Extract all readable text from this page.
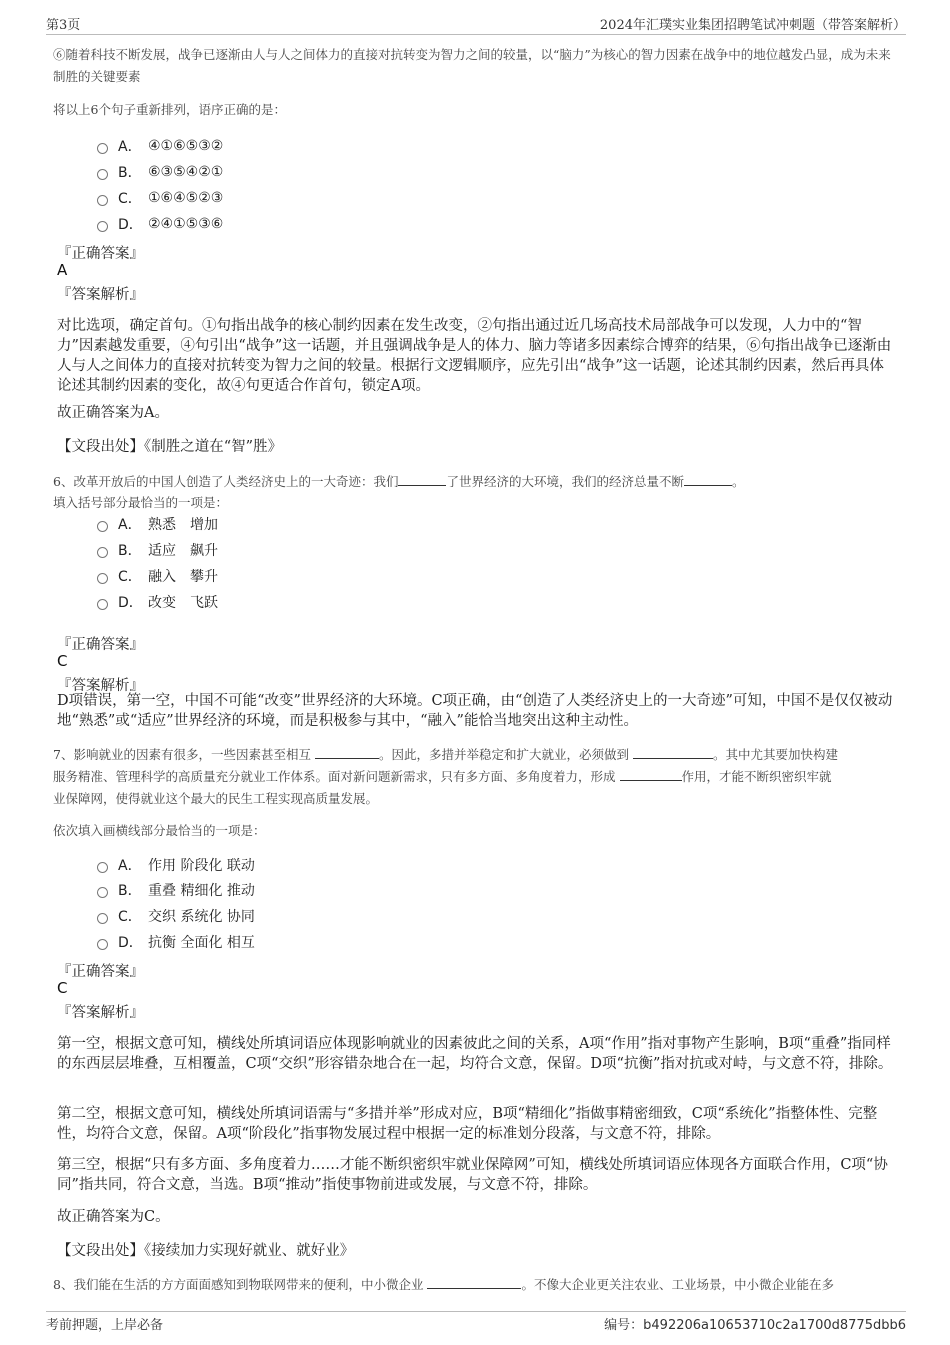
第3页	2024年汇璞实业集团招聘笔试冲刺题（带答案解析）
⑥随着科技不断发展，战争已逐渐由人与人之间体力的直接对抗转变为智力之间的较量，以“脑力”为核心的智力因素在战争中的地位越发凸显，成为未来制胜的关键要素
将以上6个句子重新排列，语序正确的是：
A． ④①⑥⑤③②
B． ⑥③⑤④②①
C． ①⑥④⑤②③
D． ②④①⑤③⑥
『正确答案』
A
『答案解析』
对比选项，确定首句。①句指出战争的核心制约因素在发生改变，②句指出通过近几场高技术局部战争可以发现，人力中的“智力”因素越发重要，④句引出“战争”这一话题，并且强调战争是人的体力、脑力等诸多因素综合博弈的结果，⑥句指出战争已逐渐由人与人之间体力的直接对抗转变为智力之间的较量。根据行文逻辑顺序，应先引出“战争”这一话题，论述其制约因素，然后再具体论述其制约因素的变化，故④句更适合作首句，锁定A项。
故正确答案为A。
【文段出处】《制胜之道在“智”胜》
6、改革开放后的中国人创造了人类经济史上的一大奇迹：我们	了世界经济的大环境，我们的经济总量不断	。
填入括号部分最恰当的一项是：
A． 熟悉　增加
B． 适应　飙升
C． 融入　攀升
D． 改变　飞跃
『正确答案』
C
『答案解析』
D项错误，第一空，中国不可能“改变”世界经济的大环境。C项正确，由“创造了人类经济史上的一大奇迹”可知，中国不是仅仅被动地“熟悉”或“适应”世界经济的环境，而是积极参与其中，“融入”能恰当地突出这种主动性。
7、影响就业的因素有很多，一些因素甚至相互	。因此，多措并举稳定和扩大就业，必须做到	。其中尤其要加快构建
服务精准、管理科学的高质量充分就业工作体系。面对新问题新需求，只有多方面、多角度着力，形成	作用，才能不断织密织牢就
业保障网，使得就业这个最大的民生工程实现高质量发展。
依次填入画横线部分最恰当的一项是：
A． 作用 阶段化 联动
B． 重叠 精细化 推动
C． 交织 系统化 协同
D． 抗衡 全面化 相互
『正确答案』
C
『答案解析』
第一空，根据文意可知，横线处所填词语应体现影响就业的因素彼此之间的关系，A项“作用”指对事物产生影响，B项“重叠”指同样的东西层层堆叠，互相覆盖，C项“交织”形容错杂地合在一起，均符合文意，保留。D项“抗衡”指对抗或对峙，与文意不符，排除。
第二空，根据文意可知，横线处所填词语需与“多措并举”形成对应，B项“精细化”指做事精密细致，C项“系统化”指整体性、完整性，均符合文意，保留。A项“阶段化”指事物发展过程中根据一定的标准划分段落，与文意不符，排除。
第三空，根据“只有多方面、多角度着力……才能不断织密织牢就业保障网”可知，横线处所填词语应体现各方面联合作用，C项“协同”指共同，符合文意，当选。B项“推动”指使事物前进或发展，与文意不符，排除。
故正确答案为C。
【文段出处】《接续加力实现好就业、就好业》
8、我们能在生活的方方面面感知到物联网带来的便利，中小微企业	。不像大企业更关注农业、工业场景，中小微企业能在多
考前押题，上岸必备	编号：b492206a10653710c2a1700d8775dbb6
